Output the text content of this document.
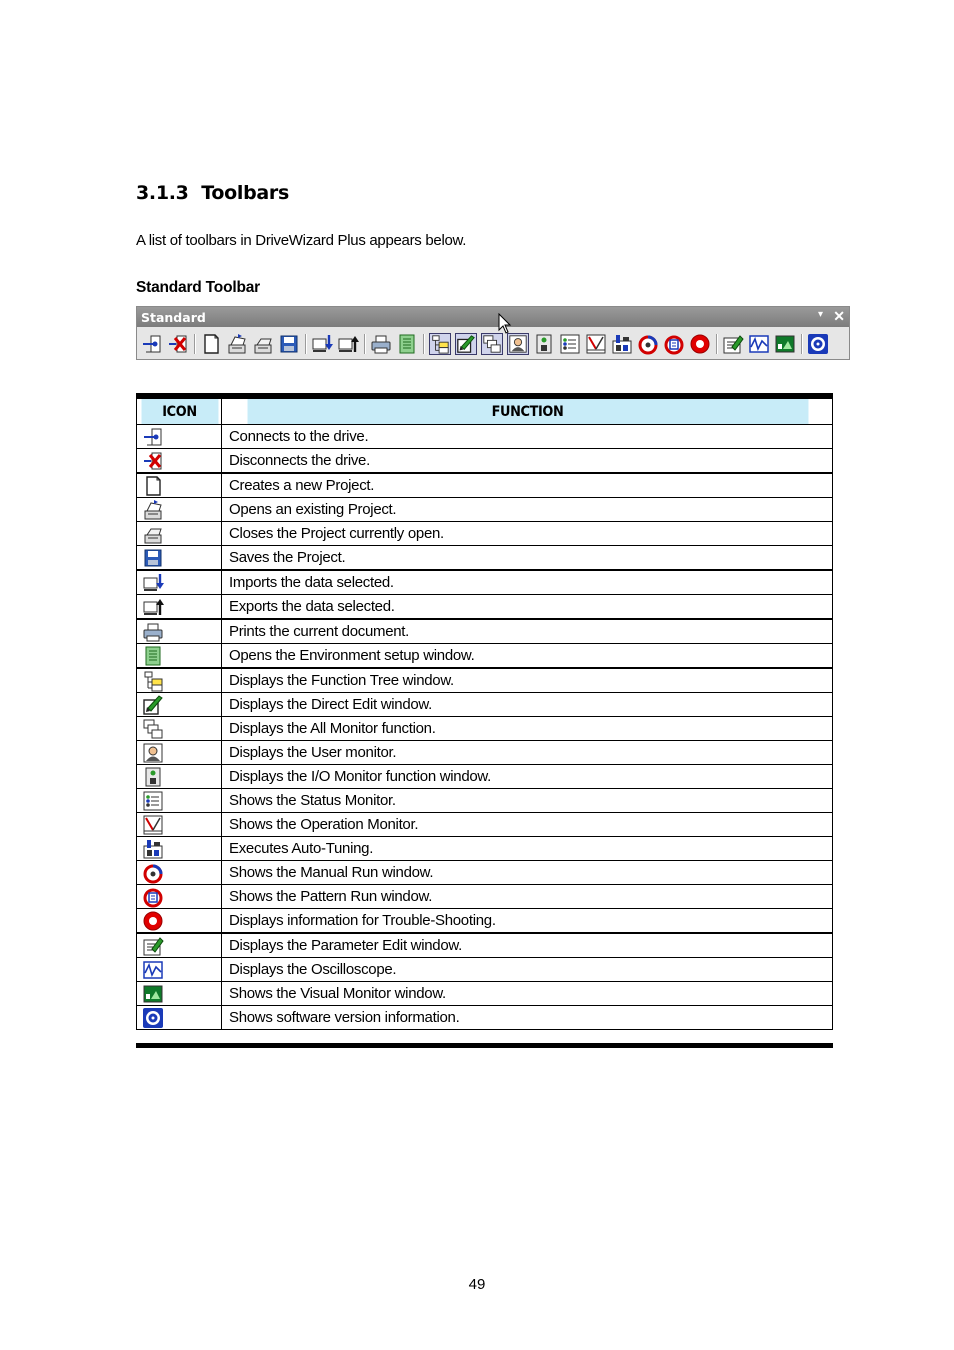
3.1.3 Toolbars
A list of toolbars in DriveWizard Plus appears below.
Standard Toolbar
Standard	▾ ✕
ICON	FUNCTION

	Connects to the drive.

	Disconnects the drive.

	Creates a new Project.

	Opens an existing Project.

	Closes the Project currently open.

	Saves the Project.

	Imports the data selected.

	Exports the data selected.

	Prints the current document.

	Opens the Environment setup window.

	Displays the Function Tree window.

	Displays the Direct Edit window.

	Displays the All Monitor function.

	Displays the User monitor.

	Displays the I/O Monitor function window.

	Shows the Status Monitor.

	Shows the Operation Monitor.

	Executes Auto-Tuning.

	Shows the Manual Run window.

	Shows the Pattern Run window.

	Displays information for Trouble-Shooting.

	Displays the Parameter Edit window.

	Displays the Oscilloscope.

	Shows the Visual Monitor window.

	Shows software version information.
49
